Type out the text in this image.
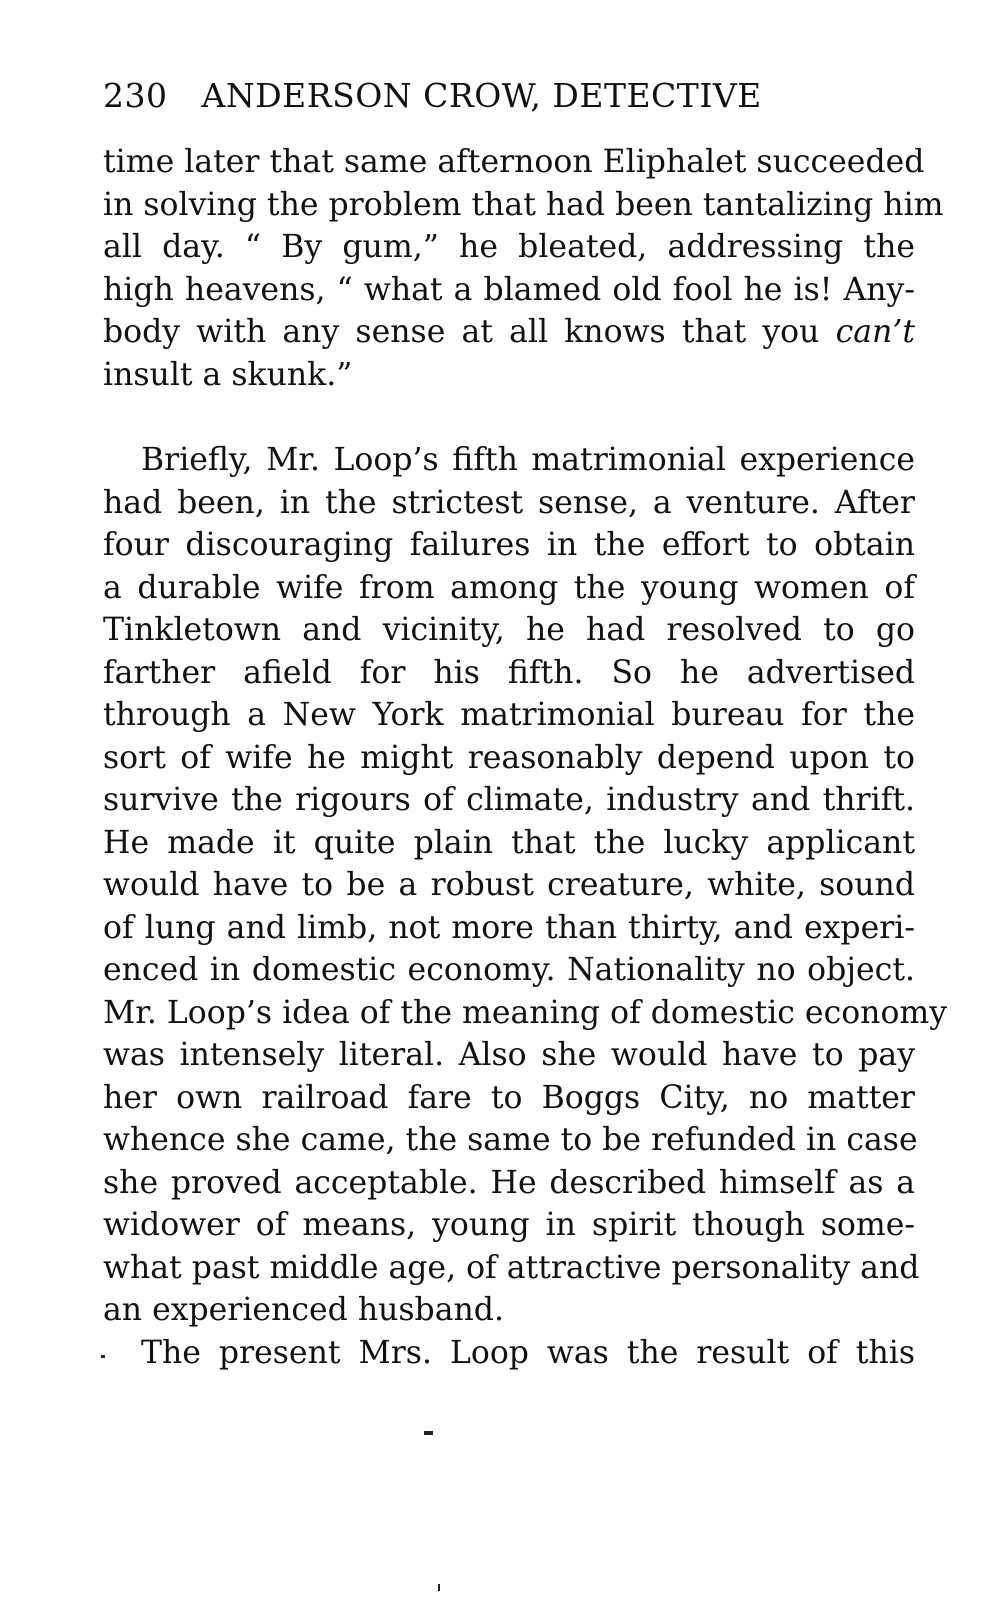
230 ANDERSON CROW, DETECTIVE
time later that same afternoon Eliphalet succeeded
in solving the problem that had been tantalizing him
all day. “ By gum,” he bleated, addressing the
high heavens, “ what a blamed old fool he is! Any-
body with any sense at all knows that you can’t
insult a skunk.”
Briefly, Mr. Loop’s fifth matrimonial experience
had been, in the strictest sense, a venture. After
four discouraging failures in the effort to obtain
a durable wife from among the young women of
Tinkletown and vicinity, he had resolved to go
farther afield for his fifth. So he advertised
through a New York matrimonial bureau for the
sort of wife he might reasonably depend upon to
survive the rigours of climate, industry and thrift.
He made it quite plain that the lucky applicant
would have to be a robust creature, white, sound
of lung and limb, not more than thirty, and experi-
enced in domestic economy. Nationality no object.
Mr. Loop’s idea of the meaning of domestic economy
was intensely literal. Also she would have to pay
her own railroad fare to Boggs City, no matter
whence she came, the same to be refunded in case
she proved acceptable. He described himself as a
widower of means, young in spirit though some-
what past middle age, of attractive personality and
an experienced husband.
The present Mrs. Loop was the result of this
